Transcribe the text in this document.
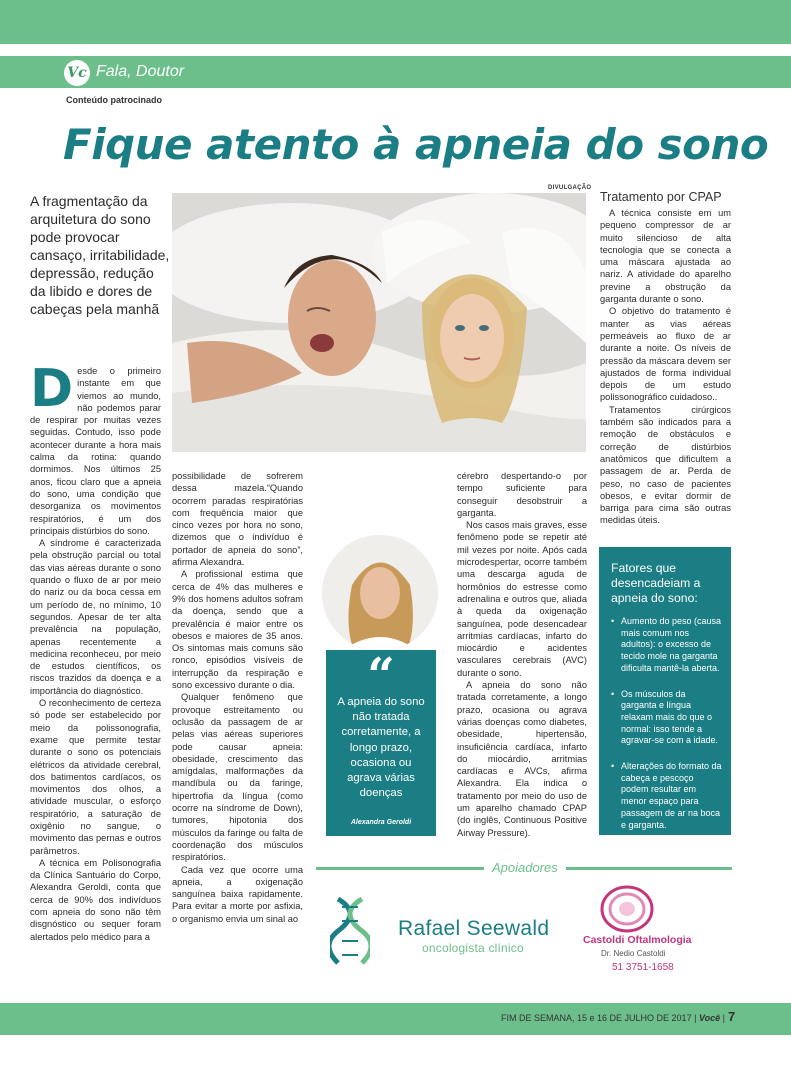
Vc Fala, Doutor
Conteúdo patrocinado
Fique atento à apneia do sono
A fragmentação da arquitetura do sono pode provocar cansaço, irritabilidade, depressão, redução da libido e dores de cabeças pela manhã
DIVULGAÇÃO

Desde o primeiro instante em que viemos ao mundo, não podemos parar de respirar por muitas vezes seguidas. Contudo, isso pode acontecer durante a hora mais calma da rotina: quando dormimos. Nos últimos 25 anos, ficou claro que a apneia do sono, uma condição que desorganiza os movimentos respiratórios, é um dos principais distúrbios do sono.

A síndrome é caracterizada pela obstrução parcial ou total das vias aéreas durante o sono quando o fluxo de ar por meio do nariz ou da boca cessa em um período de, no mínimo, 10 segundos. Apesar de ter alta prevalência na população, apenas recentemente a medicina reconheceu, por meio de estudos científicos, os riscos trazidos da doença e a importância do diagnóstico.

O reconhecimento de certeza só pode ser estabelecido por meio da polissonografia, exame que permite testar durante o sono os potenciais elétricos da atividade cerebral, dos batimentos cardíacos, os movimentos dos olhos, a atividade muscular, o esforço respiratório, a saturação de oxigênio no sangue, o movimento das pernas e outros parâmetros.

A técnica em Polisonografia da Clínica Santuário do Corpo, Alexandra Geroldi, conta que cerca de 90% dos indivíduos com apneia do sono não têm disgnóstico ou sequer foram alertados pelo médico para a

possibilidade de sofrerem dessa mazela.“Quando ocorrem paradas respiratórias com frequência maior que cinco vezes por hora no sono, dizemos que o indivíduo é portador de apneia do sono”, afirma Alexandra.

A profissional estima que cerca de 4% das mulheres e 9% dos homens adultos sofram da doença, sendo que a prevalência é maior entre os obesos e maiores de 35 anos. Os sintomas mais comuns são ronco, episódios visíveis de interrupção da respiração e sono excessivo durante o dia.

Qualquer fenômeno que provoque estreitamento ou oclusão da passagem de ar pelas vias aéreas superiores pode causar apneia: obesidade, crescimento das amígdalas, malformações da mandíbula ou da faringe, hipertrofia da língua (como ocorre na síndrome de Down), tumores, hipotonia dos músculos da faringe ou falta de coordenação dos músculos respiratórios.

Cada vez que ocorre uma apneia, a oxigenação sanguínea baixa rapidamente. Para evitar a morte por asfixia, o organismo envia um sinal ao

cérebro despertando-o por tempo suficiente para conseguir desobstruir a garganta.

Nos casos mais graves, esse fenômeno pode se repetir até mil vezes por noite. Após cada microdespertar, ocorre também uma descarga aguda de hormônios do estresse como adrenalina e outros que, aliada à queda da oxigenação sanguínea, pode desencadear arritmias cardíacas, infarto do miocárdio e acidentes vasculares cerebrais (AVC) durante o sono.

A apneia do sono não tratada corretamente, a longo prazo, ocasiona ou agrava várias doenças como diabetes, obesidade, hipertensão, insuficiência cardíaca, infarto do miocárdio, arritmias cardíacas e AVCs, afirma Alexandra. Ela indica o tratamento por meio do uso de um aparelho chamado CPAP (do inglês, Continuous Positive Airway Pressure).

Tratamento por CPAP

A técnica consiste em um pequeno compressor de ar muito silencioso de alta tecnologia que se conecta a uma máscara ajustada ao nariz. A atividade do aparelho previne a obstrução da garganta durante o sono.

O objetivo do tratamento é manter as vias aéreas permeáveis ao fluxo de ar durante a noite. Os níveis de pressão da máscara devem ser ajustados de forma individual depois de um estudo polissonográfico cuidadoso..

Tratamentos cirúrgicos também são indicados para a remoção de obstáculos e correção de distúrbios anatômicos que dificultem a passagem de ar. Perda de peso, no caso de pacientes obesos, e evitar dormir de barriga para cima são outras medidas úteis.

“
A apneia do sono não tratada corretamente, a longo prazo, ocasiona ou agrava várias doenças
Alexandra Geroldi
Fatores que desencadeiam a apneia do sono:
• Aumento do peso (causa mais comum nos adultos): o excesso de tecido mole na garganta dificulta mantê-la aberta.
• Os músculos da garganta e língua relaxam mais do que o normal: isso tende a agravar-se com a idade.
• Alterações do formato da cabeça e pescoço podem resultar em menor espaço para passagem de ar na boca e garganta.
Apoiadores
Rafael Seewald
oncologista clínico
Castoldi Oftalmologia
Dr. Nedio Castoldi
51 3751-1658
FIM DE SEMANA, 15 e 16 DE JULHO DE 2017 | Você | 7
